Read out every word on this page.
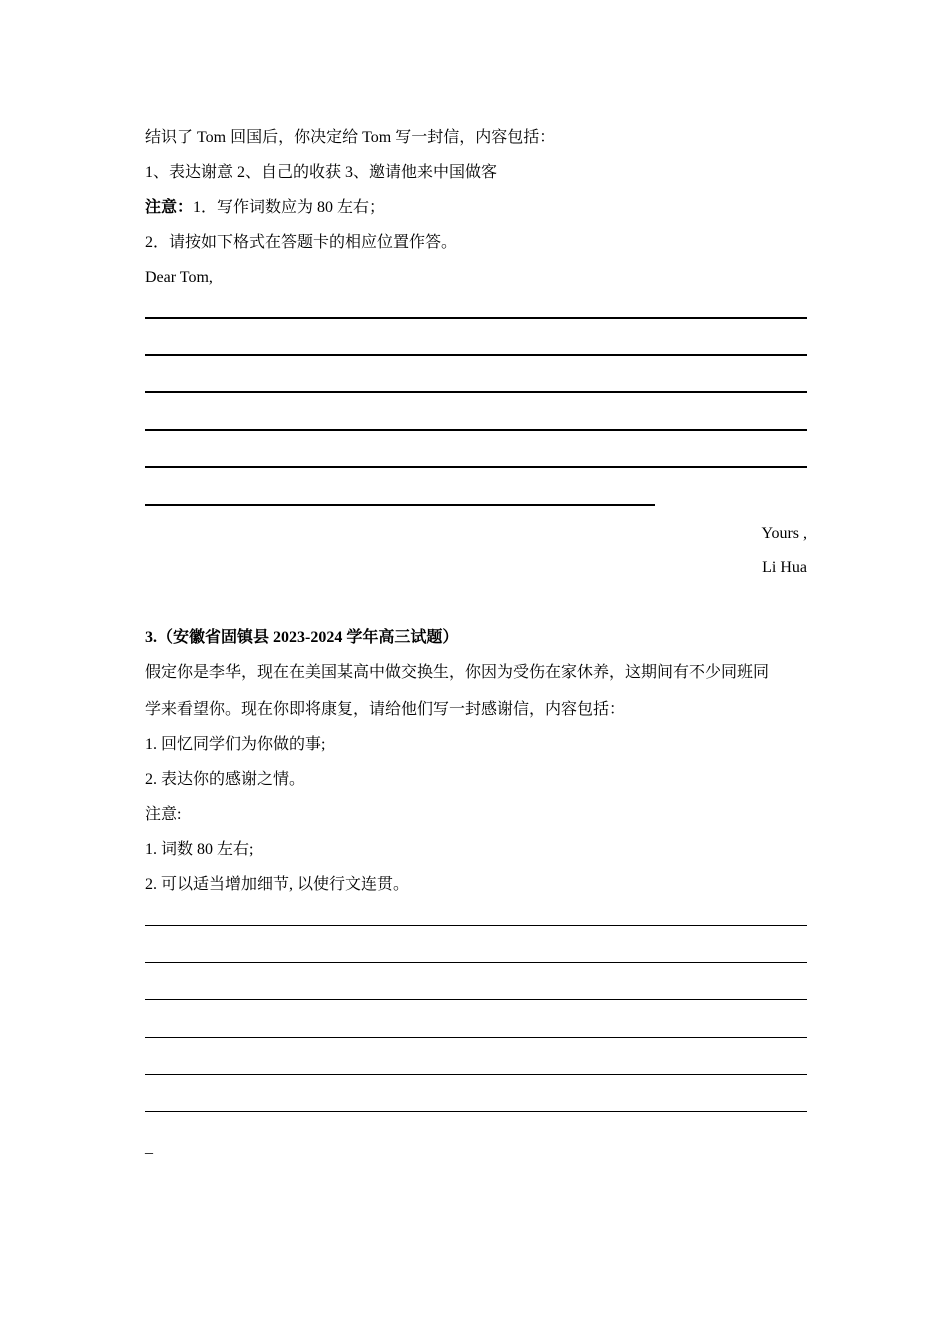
结识了 Tom 回国后，你决定给 Tom 写一封信，内容包括：
1、表达谢意 2、自己的收获 3、邀请他来中国做客
注意：1．写作词数应为 80 左右；
2．请按如下格式在答题卡的相应位置作答。
Dear Tom,
Yours ,
Li Hua
3.（安徽省固镇县 2023-2024 学年高三试题）
假定你是李华，现在在美国某高中做交换生，你因为受伤在家休养，这期间有不少同班同
学来看望你。现在你即将康复，请给他们写一封感谢信，内容包括：
1. 回忆同学们为你做的事;
2. 表达你的感谢之情。
注意:
1. 词数 80 左右;
2. 可以适当增加细节, 以使行文连贯。
_
